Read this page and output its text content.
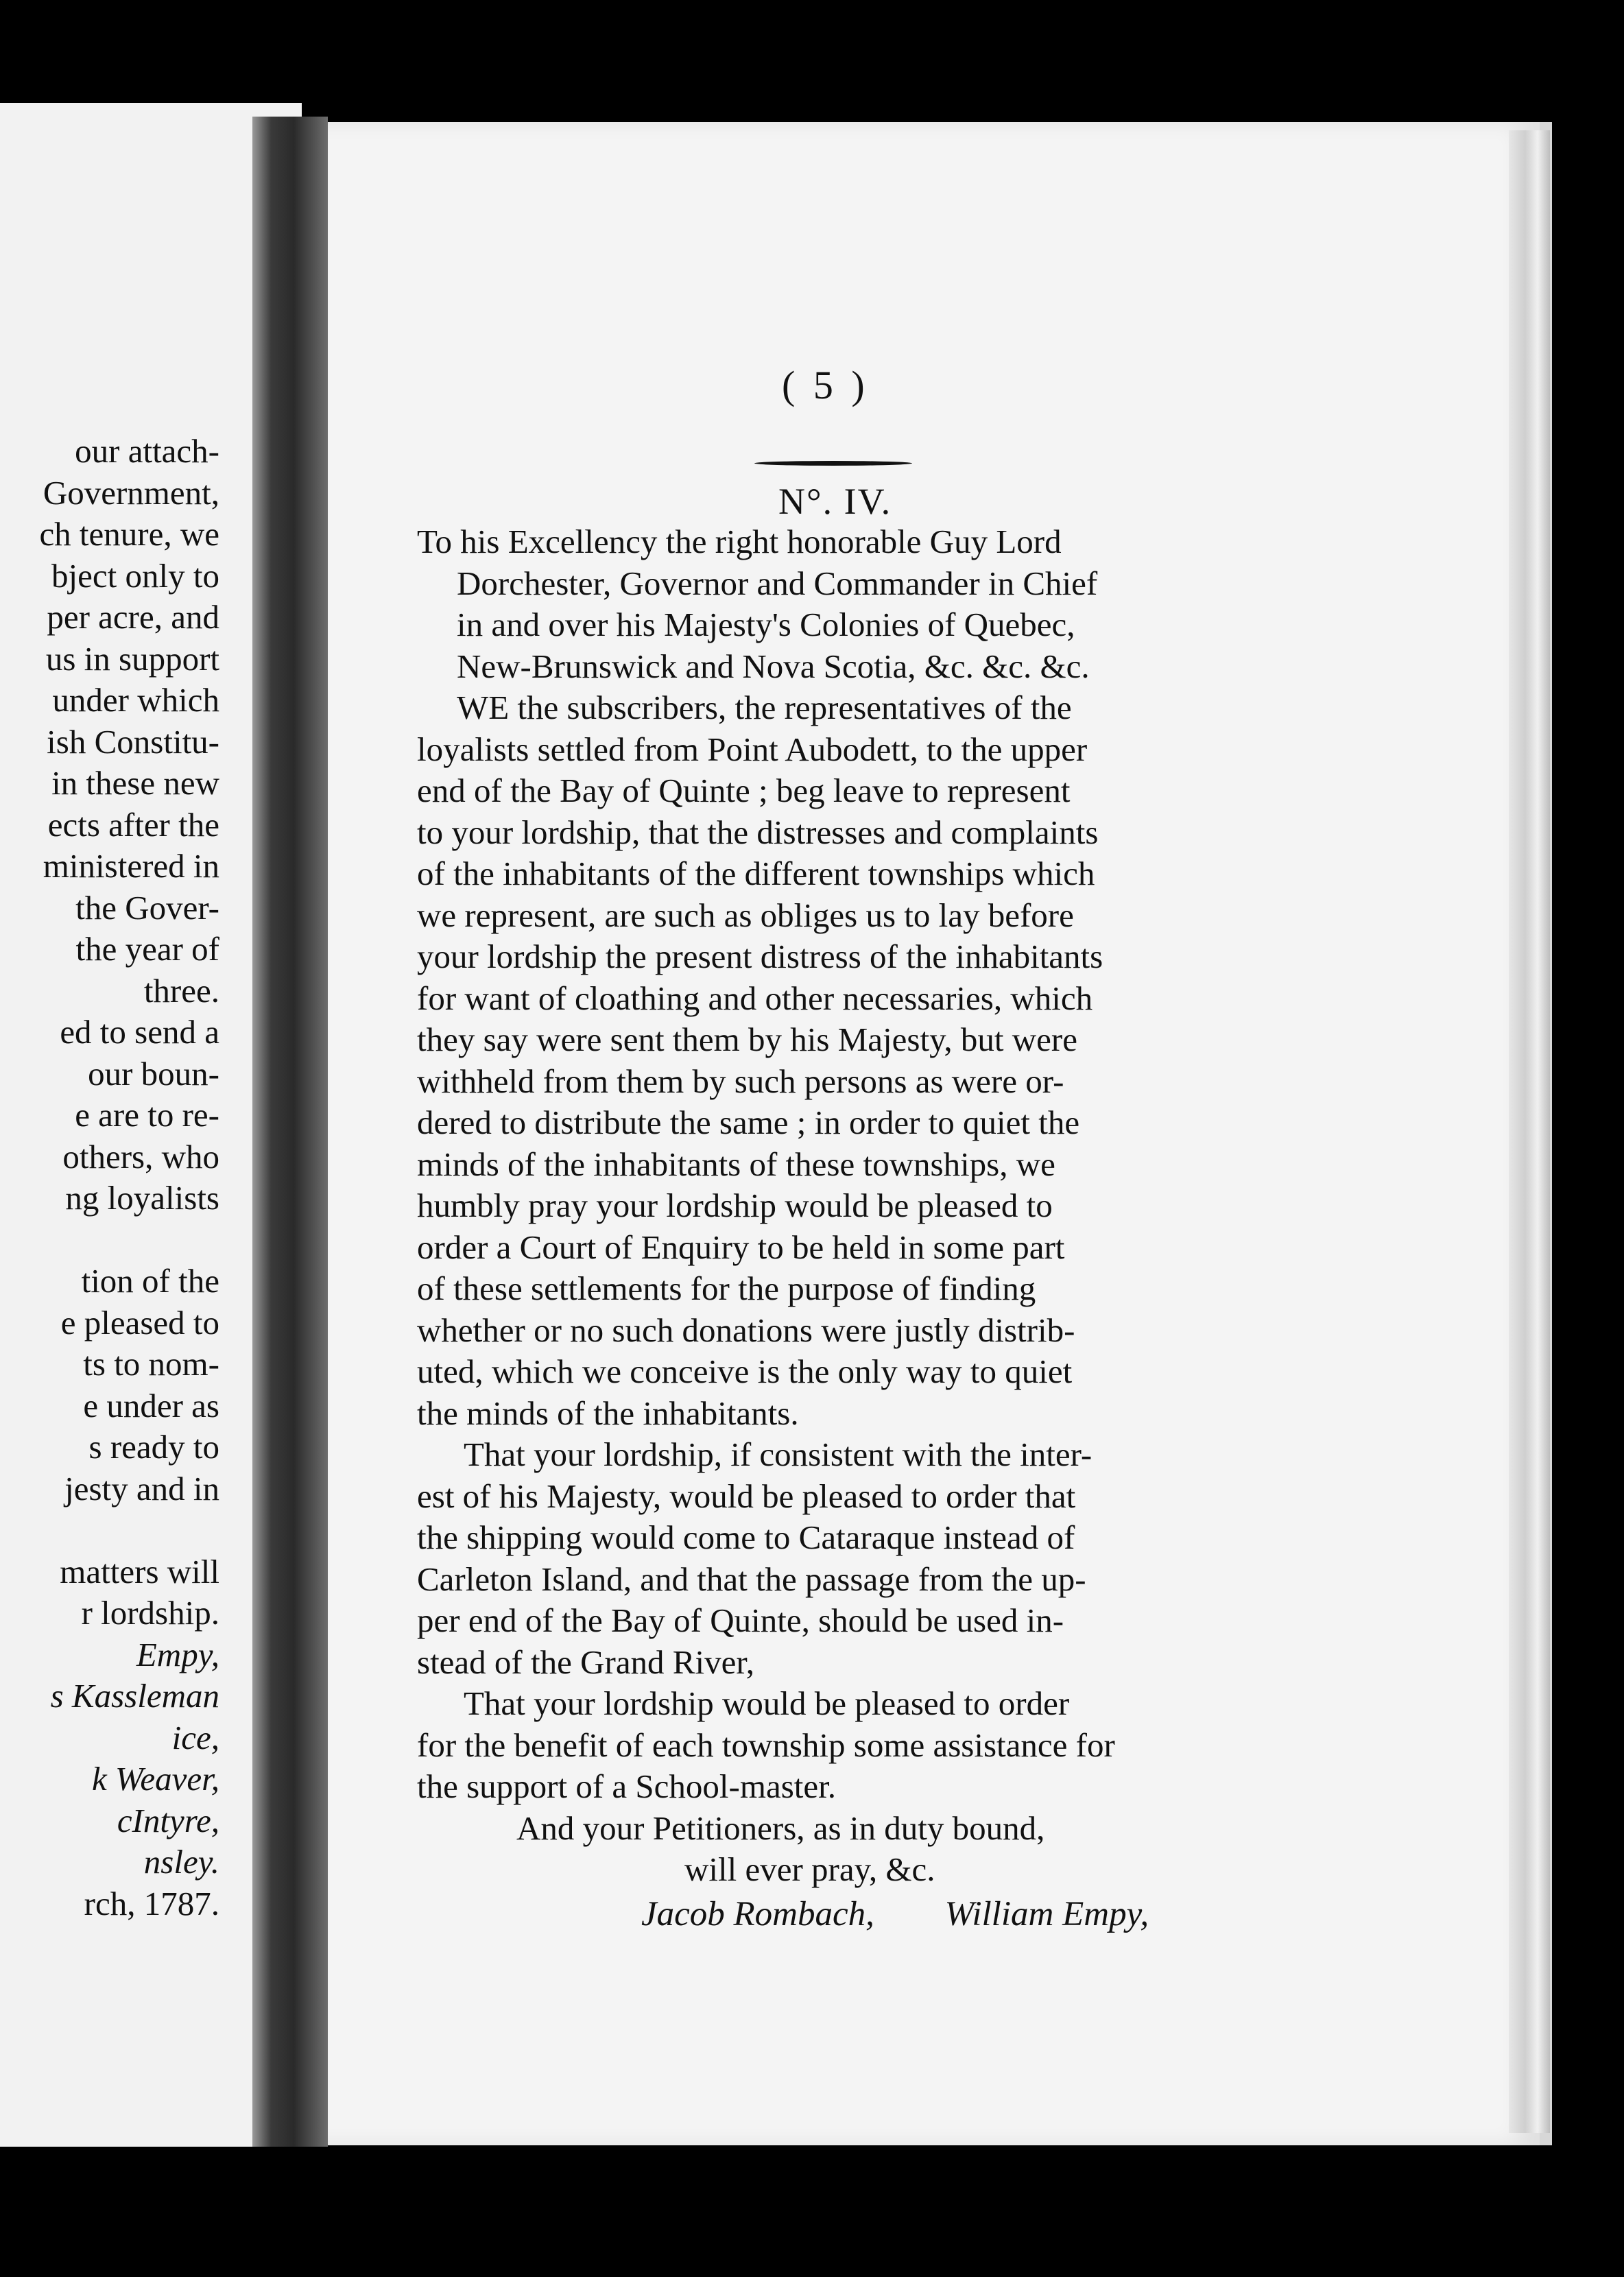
our attach-
Government,
ch tenure, we
bject only to
per acre, and
us in support
under which
ish Constitu-
in these new
ects after the
ministered in
the Gover-
the year of
three.
ed to send a
our boun-
e are to re-
others, who
ng loyalists
tion of the
e pleased to
ts to nom-
e under as
s ready to
jesty and in
matters will
r lordship.
Empy,
s Kassleman
ice,
k Weaver,
cIntyre,
nsley.
rch, 1787.
( 5 )
N°. IV.
To his Excellency the right honorable Guy Lord
Dorchester, Governor and Commander in Chief
in and over his Majesty's Colonies of Quebec,
New-Brunswick and Nova Scotia, &c. &c. &c.
WE the subscribers, the representatives of the
loyalists settled from Point Aubodett, to the upper
end of the Bay of Quinte ; beg leave to represent
to your lordship, that the distresses and complaints
of the inhabitants of the different townships which
we represent, are such as obliges us to lay before
your lordship the present distress of the inhabitants
for want of cloathing and other necessaries, which
they say were sent them by his Majesty, but were
withheld from them by such persons as were or-
dered to distribute the same ; in order to quiet the
minds of the inhabitants of these townships, we
humbly pray your lordship would be pleased to
order a Court of Enquiry to be held in some part
of these settlements for the purpose of finding
whether or no such donations were justly distrib-
uted, which we conceive is the only way to quiet
the minds of the inhabitants.
That your lordship, if consistent with the inter-
est of his Majesty, would be pleased to order that
the shipping would come to Cataraque instead of
Carleton Island, and that the passage from the up-
per end of the Bay of Quinte, should be used in-
stead of the Grand River,
That your lordship would be pleased to order
for the benefit of each township some assistance for
the support of a School-master.
And your Petitioners, as in duty bound,
will ever pray, &c.
Jacob Rombach, William Empy,
